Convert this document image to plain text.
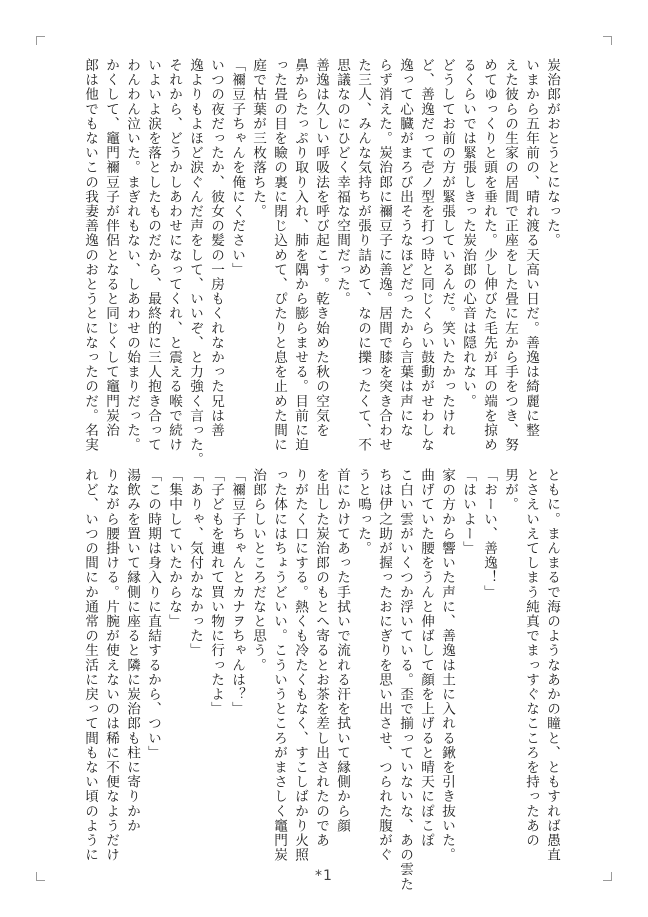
炭治郎がおとうとになった。
いまから五年前の、晴れ渡る天高い日だ。善逸は綺麗に整
えた彼らの生家の居間で正座をした畳に左から手をつき、努
めてゆっくりと頭を垂れた。少し伸びた毛先が耳の端を掠め
るくらいでは緊張しきった炭治郎の心音は隠れない。
どうしてお前の方が緊張しているんだ。笑いたかったけれ
ど、善逸だって壱ノ型を打つ時と同じくらい鼓動がせわしな
逸って心臓がまろび出そうなほどだったから言葉は声にな
らず消えた。炭治郎に禰豆子に善逸。居間で膝を突き合わせ
た三人、みんな気持ちが張り詰めて、なのに擽ったくて、不
思議なのにひどく幸福な空間だった。
善逸は久しい呼吸法を呼び起こす。乾き始めた秋の空気を
鼻からたっぷり取り入れ、肺を隅から膨らませる。目前に迫
った畳の目を瞼の裏に閉じ込めて、ぴたりと息を止めた間に
庭で枯葉が三枚落ちた。
「禰豆子ちゃんを俺にください」
いつの夜だったか、彼女の髪の一房もくれなかった兄は善
逸よりもよほど涙ぐんだ声をして、いいぞ、と力強く言った。
それから、どうかしあわせになってくれ、と震える喉で続け
いよいよ涙を落としたものだから、最終的に三人抱き合って
わんわん泣いた。まぎれもない、しあわせの始まりだった。
かくして、竈門禰豆子が伴侶となると同じくして竈門炭治
郎は他でもないこの我妻善逸のおとうとになったのだ。名実
ともに。まんまるで海のようなあかの瞳と、ともすれば愚直
とさえいえてしまう純真でまっすぐなこころを持ったあの
男が。
「おーい、善逸！」
「はいよー」
家の方から響いた声に、善逸は土に入れる鍬を引き抜いた。
曲げていた腰をうんと伸ばして顔を上げると晴天にぽこぽ
こ白い雲がいくつか浮いている。歪で揃っていないな、あの雲た
ちは伊之助が握ったおにぎりを思い出させ、つられた腹がぐ
うと鳴った。
首にかけてあった手拭いで流れる汗を拭いて縁側から顔
を出した炭治郎のもとへ寄るとお茶を差し出されたのであ
りがたく口にする。熱くも冷たくもなく、すこしばかり火照
った体にはちょうどいい。こういうところがまさしく竈門炭
治郎らしいところだなと思う。
「禰豆子ちゃんとカナヲちゃんは？」
「子どもを連れて買い物に行ったよ」
「ありゃ、気付かなかった」
「集中していたからな」
「この時期は身入りに直結するから、つい」
湯飲みを置いて縁側に座ると隣に炭治郎も柱に寄りかか
りながら腰掛ける。片腕が使えないのは稀に不便なようだけ
れど、いつの間にか通常の生活に戻って間もない頃のように
*1
